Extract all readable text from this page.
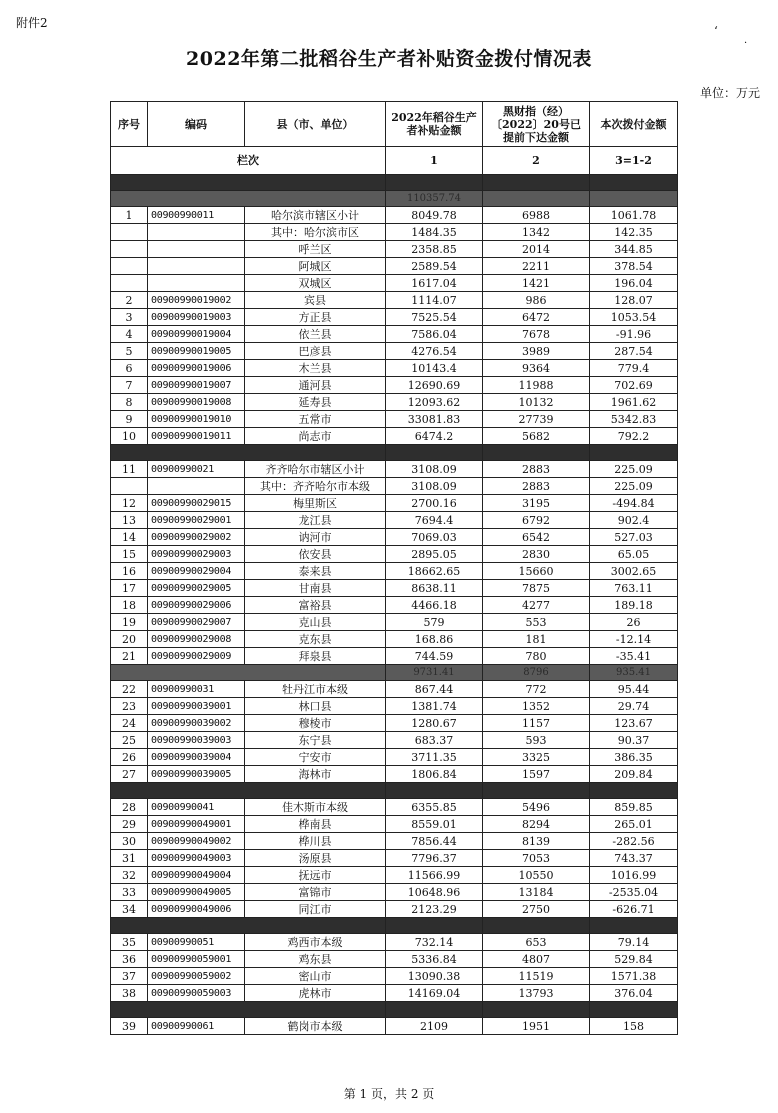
附件2
ʻ
·
2022年第二批稻谷生产者补贴资金拨付情况表
单位：万元
序号	编码	县（市、单位）	2022年稻谷生产者补贴金额	黑财指（经）〔2022〕20号已提前下达金额	本次拨付金额
栏次			1	2	3=1-2

			110357.74		
1	00900990011	哈尔滨市辖区小计	8049.78	6988	1061.78
		其中：哈尔滨市区	1484.35	1342	142.35
		呼兰区	2358.85	2014	344.85
		阿城区	2589.54	2211	378.54
		双城区	1617.04	1421	196.04
2	00900990019002	宾县	1114.07	986	128.07
3	00900990019003	方正县	7525.54	6472	1053.54
4	00900990019004	依兰县	7586.04	7678	-91.96
5	00900990019005	巴彦县	4276.54	3989	287.54
6	00900990019006	木兰县	10143.4	9364	779.4
7	00900990019007	通河县	12690.69	11988	702.69
8	00900990019008	延寿县	12093.62	10132	1961.62
9	00900990019010	五常市	33081.83	27739	5342.83
10	00900990019011	尚志市	6474.2	5682	792.2

11	00900990021	齐齐哈尔市辖区小计	3108.09	2883	225.09
		其中：齐齐哈尔市本级	3108.09	2883	225.09
12	00900990029015	梅里斯区	2700.16	3195	-494.84
13	00900990029001	龙江县	7694.4	6792	902.4
14	00900990029002	讷河市	7069.03	6542	527.03
15	00900990029003	依安县	2895.05	2830	65.05
16	00900990029004	泰来县	18662.65	15660	3002.65
17	00900990029005	甘南县	8638.11	7875	763.11
18	00900990029006	富裕县	4466.18	4277	189.18
19	00900990029007	克山县	579	553	26
20	00900990029008	克东县	168.86	181	-12.14
21	00900990029009	拜泉县	744.59	780	-35.41
			9731.41	8796	935.41
22	00900990031	牡丹江市本级	867.44	772	95.44
23	00900990039001	林口县	1381.74	1352	29.74
24	00900990039002	穆棱市	1280.67	1157	123.67
25	00900990039003	东宁县	683.37	593	90.37
26	00900990039004	宁安市	3711.35	3325	386.35
27	00900990039005	海林市	1806.84	1597	209.84

28	00900990041	佳木斯市本级	6355.85	5496	859.85
29	00900990049001	桦南县	8559.01	8294	265.01
30	00900990049002	桦川县	7856.44	8139	-282.56
31	00900990049003	汤原县	7796.37	7053	743.37
32	00900990049004	抚远市	11566.99	10550	1016.99
33	00900990049005	富锦市	10648.96	13184	-2535.04
34	00900990049006	同江市	2123.29	2750	-626.71

35	00900990051	鸡西市本级	732.14	653	79.14
36	00900990059001	鸡东县	5336.84	4807	529.84
37	00900990059002	密山市	13090.38	11519	1571.38
38	00900990059003	虎林市	14169.04	13793	376.04

39	00900990061	鹤岗市本级	2109	1951	158
第 1 页，共 2 页
